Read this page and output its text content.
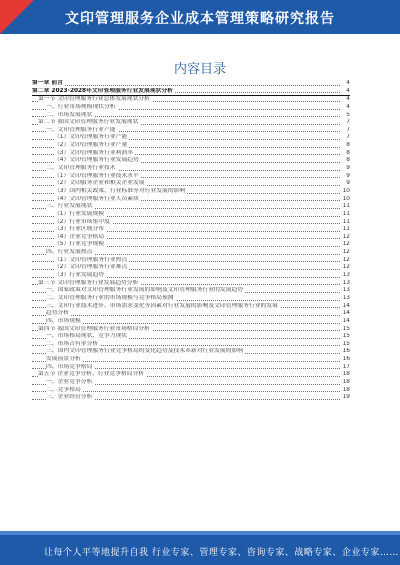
文印管理服务企业成本管理策略研究报告
内容目录
第一章 前言	4
第二章 2023-2028年文印管理服务行业发展现状分析	4
第一节 文印管理服务行业总体发展现状分析	4
一、行业市场规模现状分析	4
二、市场发展现状	5
第二节 我国文印管理服务行业发展现状	7
一、文印管理服务行业产能	7
（1）文印管理服务行业产能	7
（2）文印管理服务行业产量	8
（3）文印管理服务行业利润率	8
（4）文印管理服务行业发展趋势	8
二、文印管理服务行业技术	9
（1）文印管理服务行业技术水平	9
（2）文印服务企业和相关企业发展	9
（3）国内相关政策、行业标准等对行业发展的影响	10
（4）文印管理服务行业人员素质	10
三、行业发展现状	11
（1）行业发展规模	11
（2）行业市场集中度	11
（3）行业区域分布	11
（4）企业竞争格局	12
（5）行业竞争规模	12
四、行业发展热点	12
（1）文印管理服务行业热点	12
（2）文印管理服务行业难点	12
（3）行业发展趋势	13
第三节 文印管理服务行业发展趋势分析	13
一、国家政策对文印管理服务行业发展的影响及文印管理服务行业的发展趋势	13
二、文印管理服务行业的市场规模与竞争格局预测	13
三、文印行业技术进步、市场需求变化等因素对行业发展的影响及文印管理服务行业的发展	14
趋势分析	14
四、市场规模	14
第四节 我国文印管理服务行业市场格局分析	15
一、市场格局现状、竞争力现状	15
二、市场占有率分析	15
三、国内文印管理服务行业竞争格局的变化趋势及技术革新对行业发展的影响	16
发展前景分析	16
四、市场竞争格局	17
第五节 企业竞争分析、行业竞争格局分析	18
一、企业竞争分析	18
二、竞争格局	18
三、企业经营分析	19
让每个人平等地提升自我 行业专家、管理专家、咨询专家、战略专家、企业专家……
